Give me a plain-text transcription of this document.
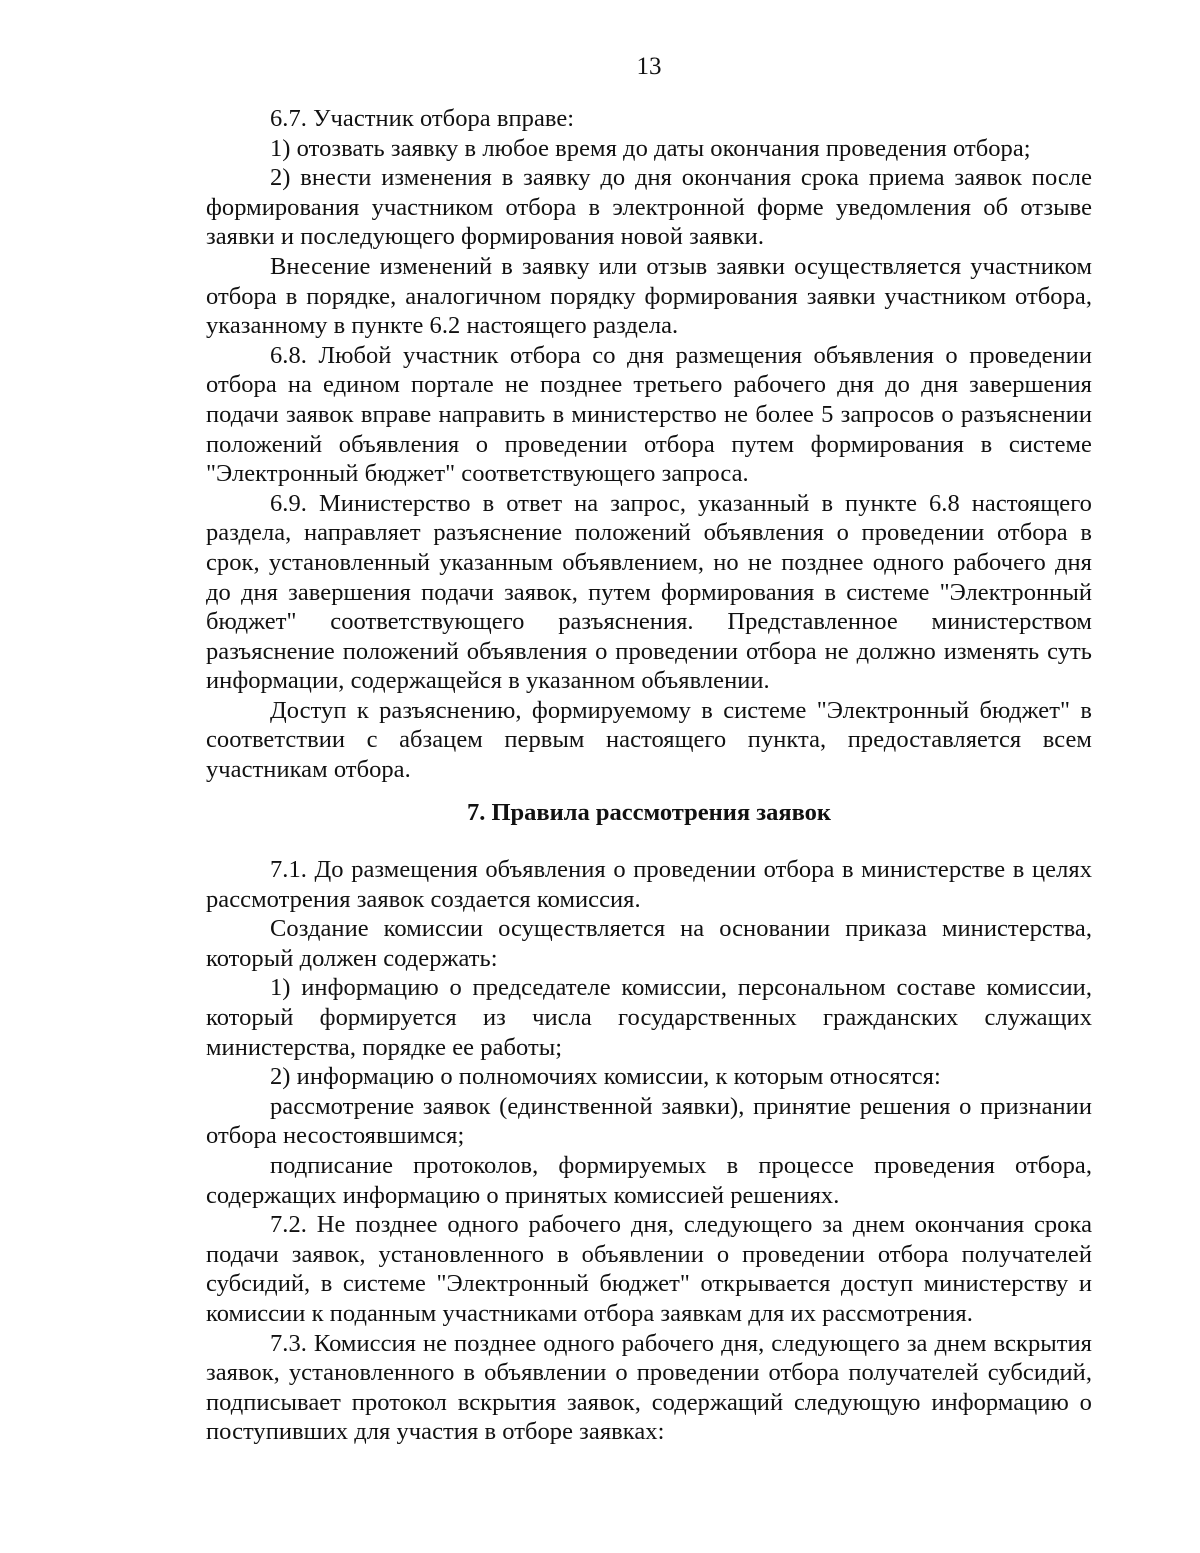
13

6.7. Участник отбора вправе:

1) отозвать заявку в любое время до даты окончания проведения отбора;

2) внести изменения в заявку до дня окончания срока приема заявок после формирования участником отбора в электронной форме уведомления об отзыве заявки и последующего формирования новой заявки.

Внесение изменений в заявку или отзыв заявки осуществляется участником отбора в порядке, аналогичном порядку формирования заявки участником отбора, указанному в пункте 6.2 настоящего раздела.

6.8. Любой участник отбора со дня размещения объявления о проведении отбора на едином портале не позднее третьего рабочего дня до дня завершения подачи заявок вправе направить в министерство не более 5 запросов о разъяснении положений объявления о проведении отбора путем формирования в системе "Электронный бюджет" соответствующего запроса.

6.9. Министерство в ответ на запрос, указанный в пункте 6.8 настоящего раздела, направляет разъяснение положений объявления о проведении отбора в срок, установленный указанным объявлением, но не позднее одного рабочего дня до дня завершения подачи заявок, путем формирования в системе "Электронный бюджет" соответствующего разъяснения. Представленное министерством разъяснение положений объявления о проведении отбора не должно изменять суть информации, содержащейся в указанном объявлении.

Доступ к разъяснению, формируемому в системе "Электронный бюджет" в соответствии с абзацем первым настоящего пункта, предоставляется всем участникам отбора.

7. Правила рассмотрения заявок

7.1. До размещения объявления о проведении отбора в министерстве в целях рассмотрения заявок создается комиссия.

Создание комиссии осуществляется на основании приказа министерства, который должен содержать:

1) информацию о председателе комиссии, персональном составе комиссии, который формируется из числа государственных гражданских служащих министерства, порядке ее работы;

2) информацию о полномочиях комиссии, к которым относятся:

рассмотрение заявок (единственной заявки), принятие решения о признании отбора несостоявшимся;

подписание протоколов, формируемых в процессе проведения отбора, содержащих информацию о принятых комиссией решениях.

7.2. Не позднее одного рабочего дня, следующего за днем окончания срока подачи заявок, установленного в объявлении о проведении отбора получателей субсидий, в системе "Электронный бюджет" открывается доступ министерству и комиссии к поданным участниками отбора заявкам для их рассмотрения.

7.3. Комиссия не позднее одного рабочего дня, следующего за днем вскрытия заявок, установленного в объявлении о проведении отбора получателей субсидий, подписывает протокол вскрытия заявок, содержащий следующую информацию о поступивших для участия в отборе заявках:
